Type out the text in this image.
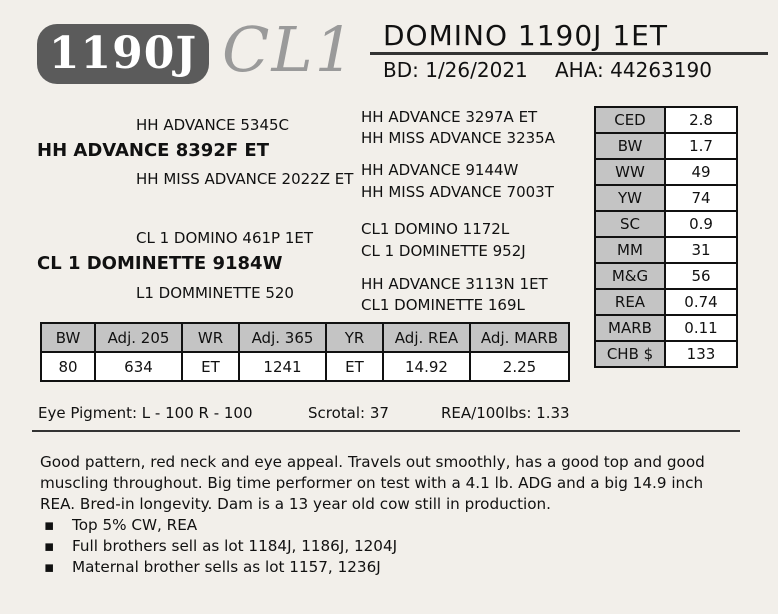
1190J CL1 DOMINO 1190J 1ET
BD: 1/26/2021 AHA: 44263190
HH ADVANCE 5345C
HH ADVANCE 8392F ET
HH MISS ADVANCE 2022Z ET
HH ADVANCE 3297A ET
HH MISS ADVANCE 3235A
HH ADVANCE 9144W
HH MISS ADVANCE 7003T
CL 1 DOMINO 461P 1ET
CL 1 DOMINETTE 9184W
L1 DOMMINETTE 520
CL1 DOMINO 1172L
CL 1 DOMINETTE 952J
HH ADVANCE 3113N 1ET
CL1 DOMINETTE 169L
CED	2.8
BW	1.7
WW	49
YW	74
SC	0.9
MM	31
M&G	56
REA	0.74
MARB	0.11
CHB $	133
BW	Adj. 205	WR	Adj. 365	YR	Adj. REA	Adj. MARB
80	634	ET	1241	ET	14.92	2.25
Eye Pigment: L - 100 R - 100	Scrotal: 37	REA/100lbs: 1.33
Good pattern, red neck and eye appeal. Travels out smoothly, has a good top and good muscling throughout. Big time performer on test with a 4.1 lb. ADG and a big 14.9 inch REA. Bred-in longevity. Dam is a 13 year old cow still in production.
▪ Top 5% CW, REA
▪ Full brothers sell as lot 1184J, 1186J, 1204J
▪ Maternal brother sells as lot 1157, 1236J
